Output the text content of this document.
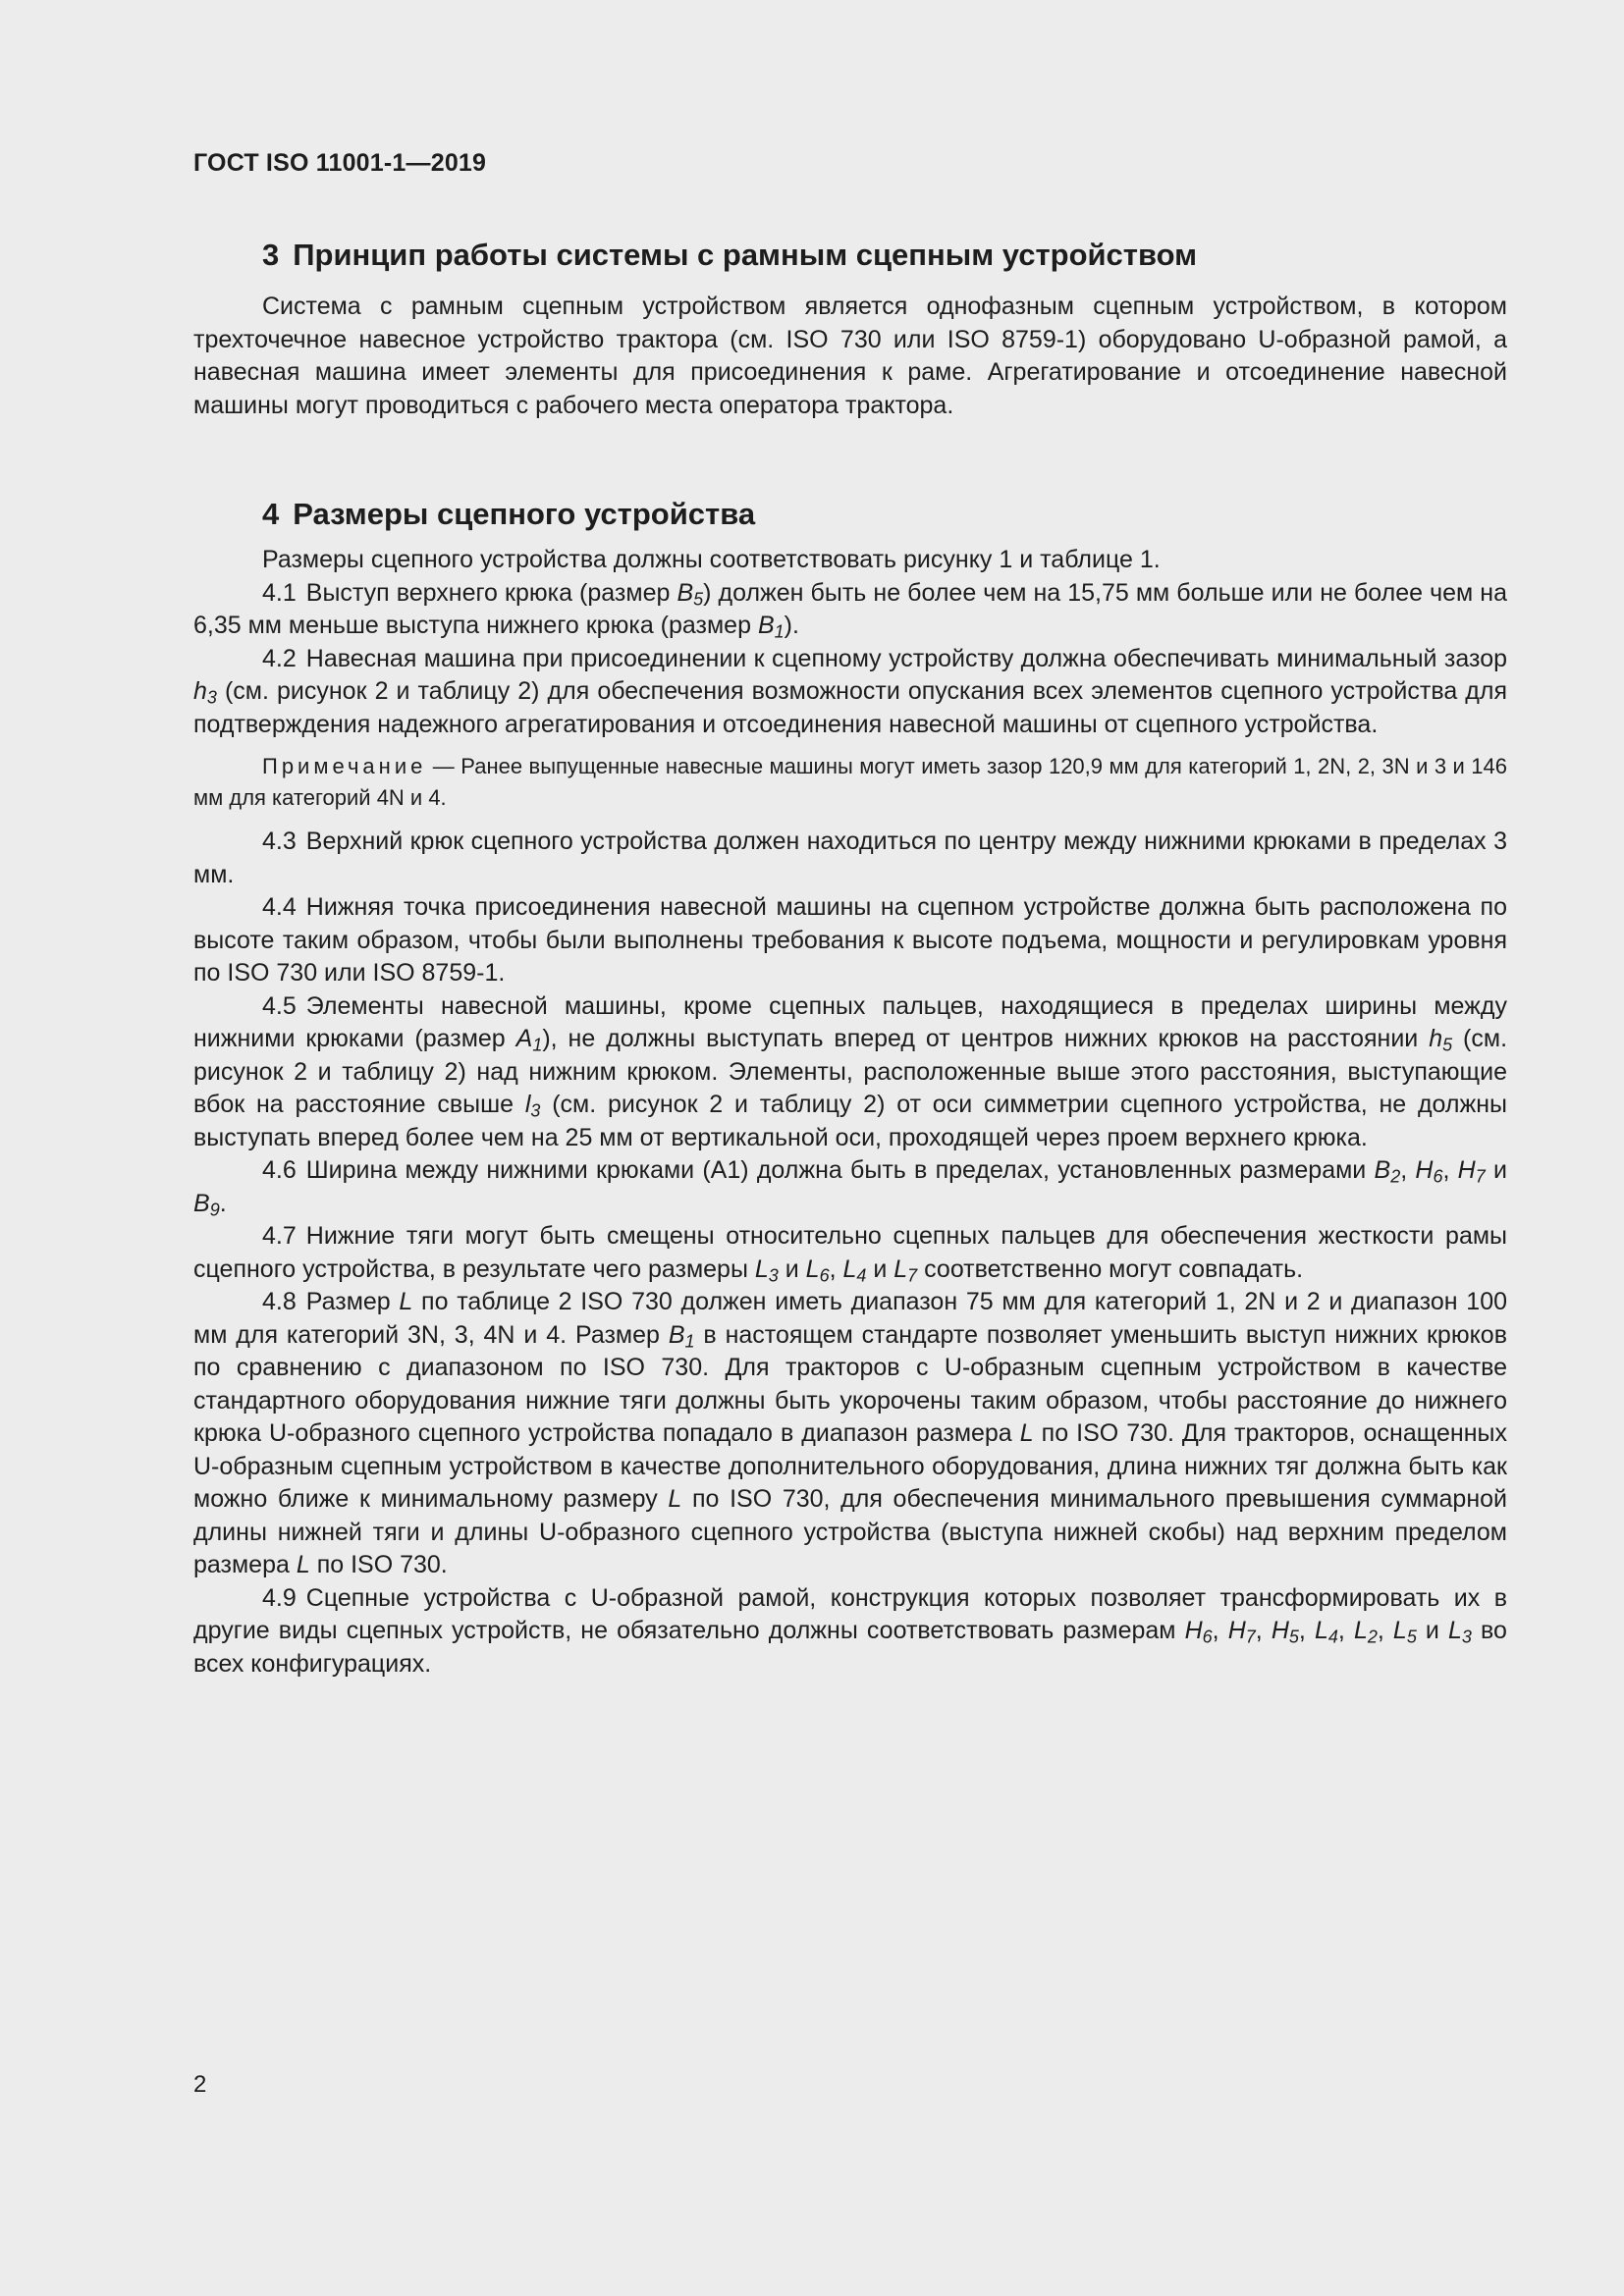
ГОСТ ISO 11001-1—2019
3 Принцип работы системы с рамным сцепным устройством

Система с рамным сцепным устройством является однофазным сцепным устройством, в котором трехточечное навесное устройство трактора (см. ISO 730 или ISO 8759-1) оборудовано U-образной рамой, а навесная машина имеет элементы для присоединения к раме. Агрегатирование и отсоединение навесной машины могут проводиться с рабочего места оператора трактора.

4 Размеры сцепного устройства

Размеры сцепного устройства должны соответствовать рисунку 1 и таблице 1.

4.1 Выступ верхнего крюка (размер $B_5$) должен быть не более чем на 15,75 мм больше или не более чем на 6,35 мм меньше выступа нижнего крюка (размер $B_1$).

4.2 Навесная машина при присоединении к сцепному устройству должна обеспечивать минимальный зазор $h_3$ (см. рисунок 2 и таблицу 2) для обеспечения возможности опускания всех элементов сцепного устройства для подтверждения надежного агрегатирования и отсоединения навесной машины от сцепного устройства.

Примечание — Ранее выпущенные навесные машины могут иметь зазор 120,9 мм для категорий 1, 2N, 2, 3N и 3 и 146 мм для категорий 4N и 4.

4.3 Верхний крюк сцепного устройства должен находиться по центру между нижними крюками в пределах 3 мм.

4.4 Нижняя точка присоединения навесной машины на сцепном устройстве должна быть расположена по высоте таким образом, чтобы были выполнены требования к высоте подъема, мощности и регулировкам уровня по ISO 730 или ISO 8759-1.

4.5 Элементы навесной машины, кроме сцепных пальцев, находящиеся в пределах ширины между нижними крюками (размер $A_1$), не должны выступать вперед от центров нижних крюков на расстоянии $h_5$ (см. рисунок 2 и таблицу 2) над нижним крюком. Элементы, расположенные выше этого расстояния, выступающие вбок на расстояние свыше $l_3$ (см. рисунок 2 и таблицу 2) от оси симметрии сцепного устройства, не должны выступать вперед более чем на 25 мм от вертикальной оси, проходящей через проем верхнего крюка.

4.6 Ширина между нижними крюками (А1) должна быть в пределах, установленных размерами $B_2$, $H_6$, $H_7$ и $B_9$.

4.7 Нижние тяги могут быть смещены относительно сцепных пальцев для обеспечения жесткости рамы сцепного устройства, в результате чего размеры $L_3$ и $L_6$, $L_4$ и $L_7$ соответственно могут совпадать.

4.8 Размер L по таблице 2 ISO 730 должен иметь диапазон 75 мм для категорий 1, 2N и 2 и диапазон 100 мм для категорий 3N, 3, 4N и 4. Размер $B_1$ в настоящем стандарте позволяет уменьшить выступ нижних крюков по сравнению с диапазоном по ISO 730. Для тракторов с U-образным сцепным устройством в качестве стандартного оборудования нижние тяги должны быть укорочены таким образом, чтобы расстояние до нижнего крюка U-образного сцепного устройства попадало в диапазон размера L по ISO 730. Для тракторов, оснащенных U-образным сцепным устройством в качестве дополнительного оборудования, длина нижних тяг должна быть как можно ближе к минимальному размеру L по ISO 730, для обеспечения минимального превышения суммарной длины нижней тяги и длины U-образного сцепного устройства (выступа нижней скобы) над верхним пределом размера L по ISO 730.

4.9 Сцепные устройства с U-образной рамой, конструкция которых позволяет трансформировать их в другие виды сцепных устройств, не обязательно должны соответствовать размерам $H_6$, $H_7$, $H_5$, $L_4$, $L_2$, $L_5$ и $L_3$ во всех конфигурациях.

2
